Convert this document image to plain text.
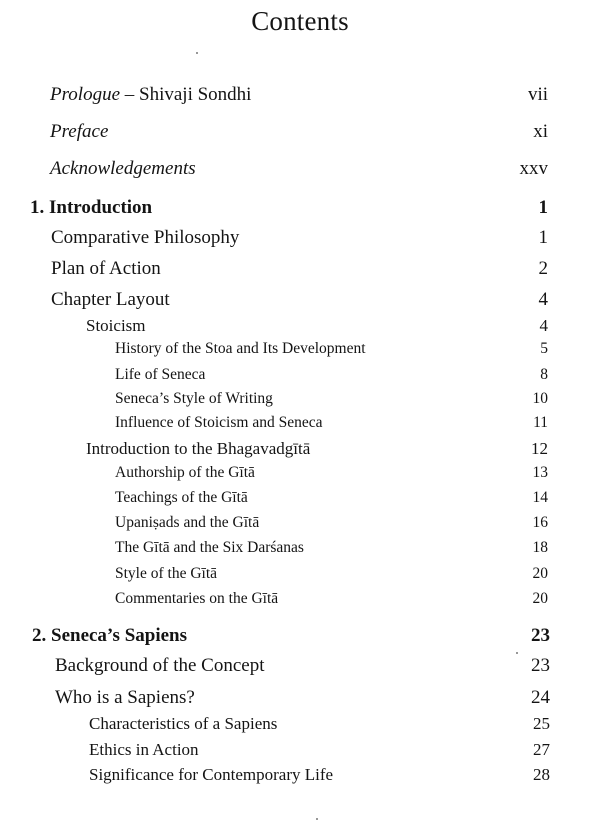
Contents
Prologue – Shivaji Sondhi	vii
Preface	xi
Acknowledgements	xxv
1. Introduction	1
Comparative Philosophy	1
Plan of Action	2
Chapter Layout	4
Stoicism	4
History of the Stoa and Its Development	5
Life of Seneca	8
Seneca’s Style of Writing	10
Influence of Stoicism and Seneca	11
Introduction to the Bhagavadgītā	12
Authorship of the Gītā	13
Teachings of the Gītā	14
Upaniṣads and the Gītā	16
The Gītā and the Six Darśanas	18
Style of the Gītā	20
Commentaries on the Gītā	20
2. Seneca’s Sapiens	23
Background of the Concept	23
Who is a Sapiens?	24
Characteristics of a Sapiens	25
Ethics in Action	27
Significance for Contemporary Life	28
